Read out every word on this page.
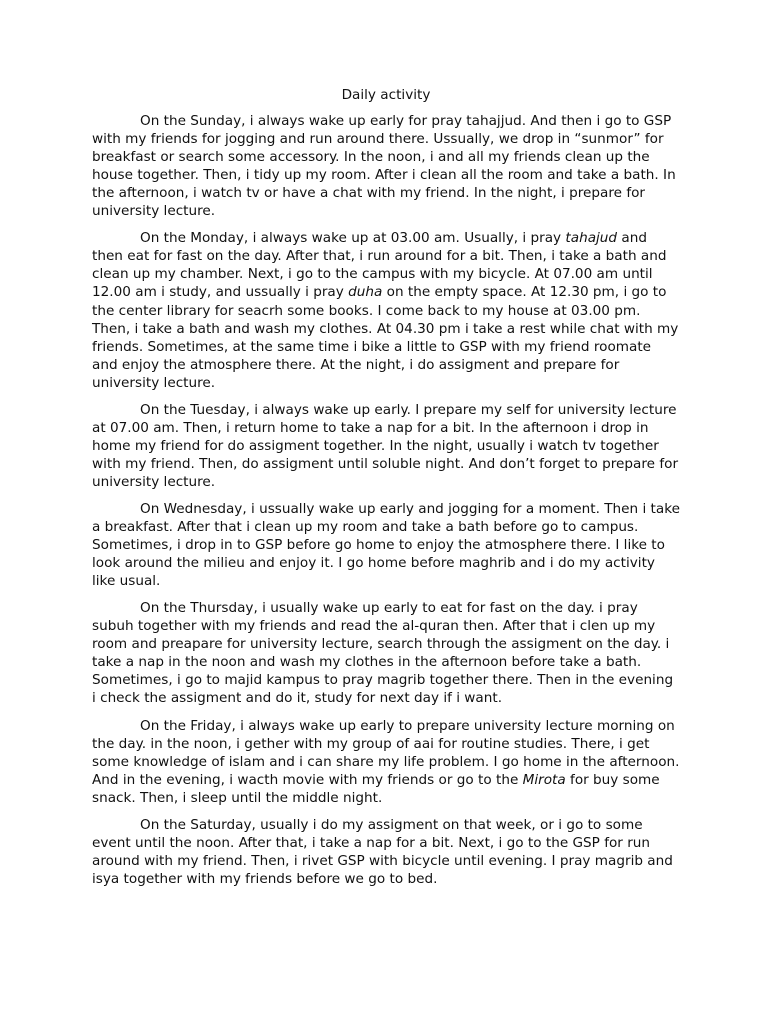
Daily activity

On the Sunday, i always wake up early for pray tahajjud. And then i go to GSP with my friends for jogging and run around there. Ussually, we drop in “sunmor” for breakfast or search some accessory. In the noon, i and all my friends clean up the house together. Then, i tidy up my room. After i clean all the room and take a bath. In the afternoon, i watch tv or have a chat with my friend. In the night, i prepare for university lecture.

On the Monday, i always wake up at 03.00 am. Usually, i pray tahajud and then eat for fast on the day. After that, i run around for a bit. Then, i take a bath and clean up my chamber. Next, i go to the campus with my bicycle. At 07.00 am until 12.00 am i study, and ussually i pray duha on the empty space. At 12.30 pm, i go to the center library for seacrh some books. I come back to my house at 03.00 pm. Then, i take a bath and wash my clothes. At 04.30 pm i take a rest while chat with my friends. Sometimes, at the same time i bike a little to GSP with my friend roomate and enjoy the atmosphere there. At the night, i do assigment and prepare for university lecture.

On the Tuesday, i always wake up early. I prepare my self for university lecture at 07.00 am. Then, i return home to take a nap for a bit. In the afternoon i drop in home my friend for do assigment together. In the night, usually i watch tv together with my friend. Then, do assigment until soluble night. And don’t forget to prepare for university lecture.

On Wednesday, i ussually wake up early and jogging for a moment. Then i take a breakfast. After that i clean up my room and take a bath before go to campus. Sometimes, i drop in to GSP before go home to enjoy the atmosphere there. I like to look around the milieu and enjoy it. I go home before maghrib and i do my activity like usual.

On the Thursday, i usually wake up early to eat for fast on the day. i pray subuh together with my friends and read the al-quran then. After that i clen up my room and preapare for university lecture, search through the assigment on the day. i take a nap in the noon and wash my clothes in the afternoon before take a bath. Sometimes, i go to majid kampus to pray magrib together there. Then in the evening i check the assigment and do it, study for next day if i want.

On the Friday, i always wake up early to prepare university lecture morning on the day. in the noon, i gether with my group of aai for routine studies. There, i get some knowledge of islam and i can share my life problem. I go home in the afternoon. And in the evening, i wacth movie with my friends or go to the Mirota for buy some snack. Then, i sleep until the middle night.

On the Saturday, usually i do my assigment on that week, or i go to some event until the noon. After that, i take a nap for a bit. Next, i go to the GSP for run around with my friend. Then, i rivet GSP with bicycle until evening. I pray magrib and isya together with my friends before we go to bed.
